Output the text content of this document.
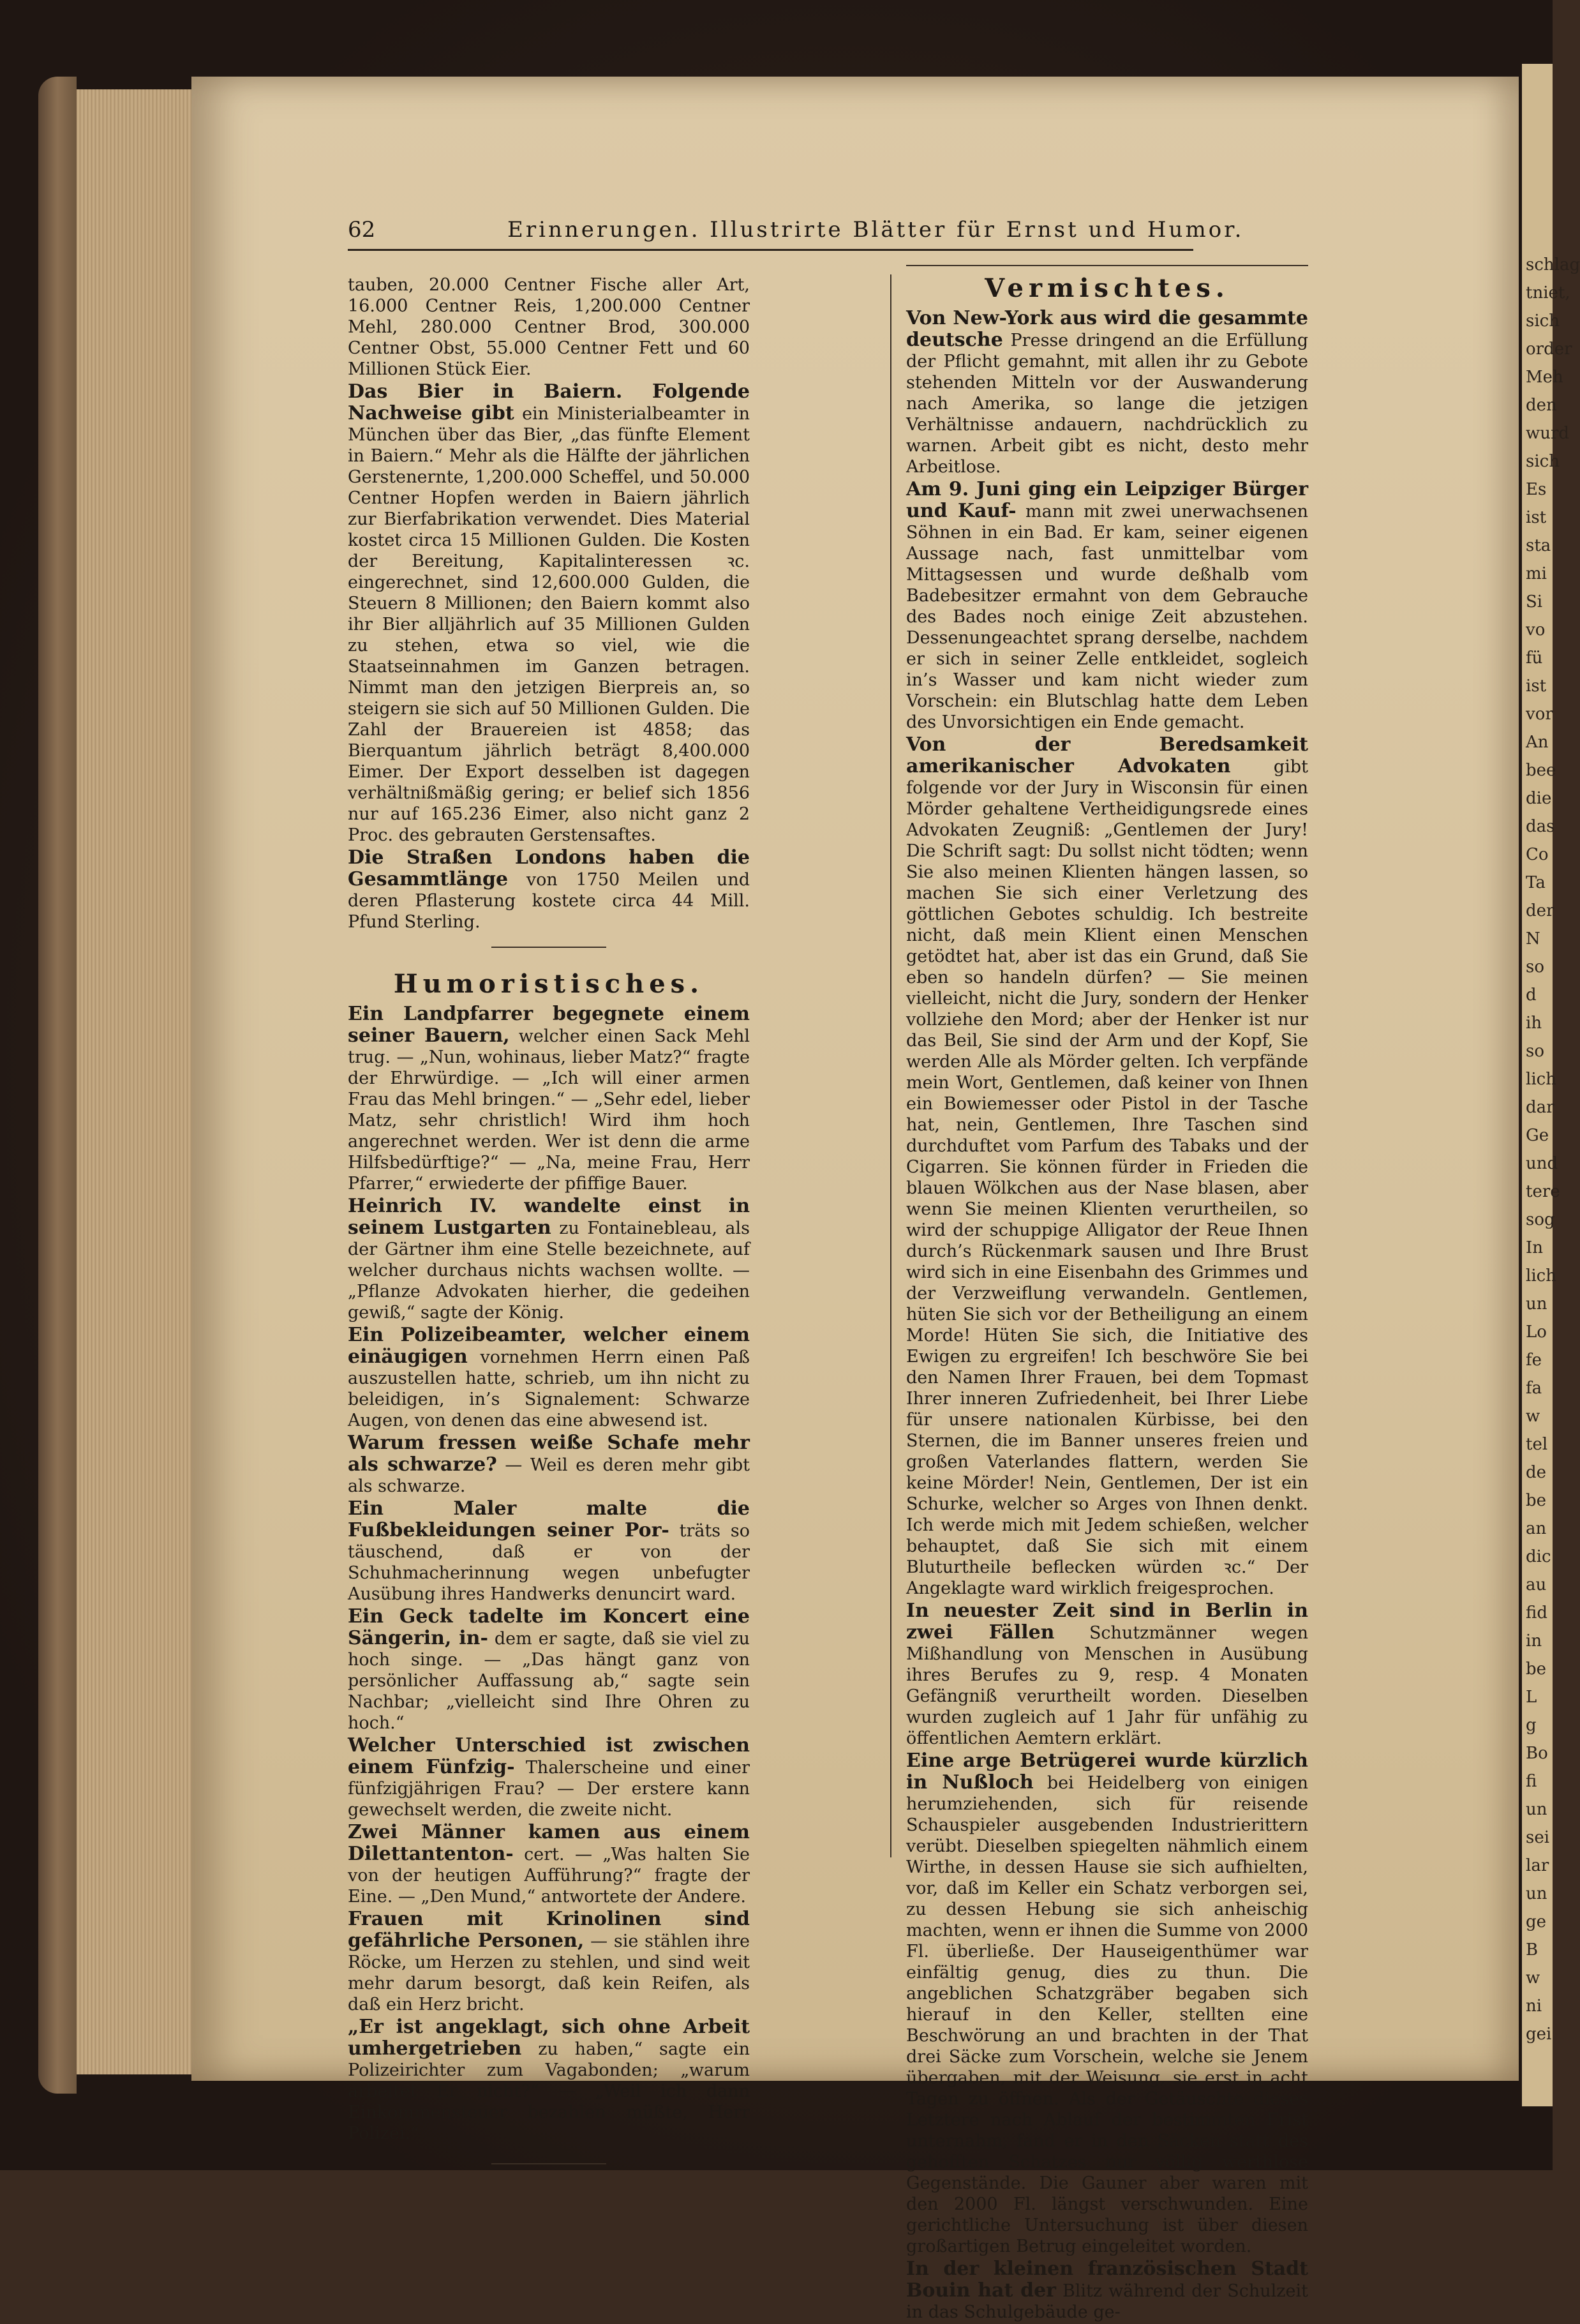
schlag
tniet,
sich
order
Meh
den
wurd
sich
Es
ist
sta
mi
Si
vo
fü
ist
vor
An
bee
die
das
Co
Ta
der
N
so
d
ih
so
lich
dar
Ge
und
tere
sog
In
lich
un
Lo
fe
fa
w
tel
de
be
an
dic
au
fid
in
be
L
g
Bo
fi
un
sei
lar
un
ge
B
w
ni
gei
62	Erinnerungen. Illustrirte Blätter für Ernst und Humor.

tauben, 20.000 Centner Fische aller Art, 16.000 Centner Reis, 1,200.000 Centner Mehl, 280.000 Centner Brod, 300.000 Centner Obst, 55.000 Centner Fett und 60 Millionen Stück Eier.

Das Bier in Baiern. Folgende Nachweise gibt ein Ministerialbeamter in München über das Bier, „das fünfte Element in Baiern.“ Mehr als die Hälfte der jährlichen Gerstenernte, 1,200.000 Scheffel, und 50.000 Centner Hopfen werden in Baiern jährlich zur Bierfabrikation verwendet. Dies Material kostet circa 15 Millionen Gulden. Die Kosten der Bereitung, Kapitalinteressen ꝛc. eingerechnet, sind 12,600.000 Gulden, die Steuern 8 Millionen; den Baiern kommt also ihr Bier alljährlich auf 35 Millionen Gulden zu stehen, etwa so viel, wie die Staatseinnahmen im Ganzen betragen. Nimmt man den jetzigen Bierpreis an, so steigern sie sich auf 50 Millionen Gulden. Die Zahl der Brauereien ist 4858; das Bierquantum jährlich beträgt 8,400.000 Eimer. Der Export desselben ist dagegen verhältnißmäßig gering; er belief sich 1856 nur auf 165.236 Eimer, also nicht ganz 2 Proc. des gebrauten Gerstensaftes.

Die Straßen Londons haben die Gesammtlänge von 1750 Meilen und deren Pflasterung kostete circa 44 Mill. Pfund Sterling.

Humoristisches.

Ein Landpfarrer begegnete einem seiner Bauern, welcher einen Sack Mehl trug. — „Nun, wohinaus, lieber Matz?“ fragte der Ehrwürdige. — „Ich will einer armen Frau das Mehl bringen.“ — „Sehr edel, lieber Matz, sehr christlich! Wird ihm hoch angerechnet werden. Wer ist denn die arme Hilfsbedürftige?“ — „Na, meine Frau, Herr Pfarrer,“ erwiederte der pfiffige Bauer.

Heinrich IV. wandelte einst in seinem Lustgarten zu Fontainebleau, als der Gärtner ihm eine Stelle bezeichnete, auf welcher durchaus nichts wachsen wollte. — „Pflanze Advokaten hierher, die gedeihen gewiß,“ sagte der König.

Ein Polizeibeamter, welcher einem einäugigen vornehmen Herrn einen Paß auszustellen hatte, schrieb, um ihn nicht zu beleidigen, in’s Signalement: Schwarze Augen, von denen das eine abwesend ist.

Warum fressen weiße Schafe mehr als schwarze? — Weil es deren mehr gibt als schwarze.

Ein Maler malte die Fußbekleidungen seiner Por- träts so täuschend, daß er von der Schuhmacherinnung wegen unbefugter Ausübung ihres Handwerks denuncirt ward.

Ein Geck tadelte im Koncert eine Sängerin, in- dem er sagte, daß sie viel zu hoch singe. — „Das hängt ganz von persönlicher Auffassung ab,“ sagte sein Nachbar; „vielleicht sind Ihre Ohren zu hoch.“

Welcher Unterschied ist zwischen einem Fünfzig- Thalerscheine und einer fünfzigjährigen Frau? — Der erstere kann gewechselt werden, die zweite nicht.

Zwei Männer kamen aus einem Dilettantenton- cert. — „Was halten Sie von der heutigen Aufführung?“ fragte der Eine. — „Den Mund,“ antwortete der Andere.

Frauen mit Krinolinen sind gefährliche Personen, — sie stählen ihre Röcke, um Herzen zu stehlen, und sind weit mehr darum besorgt, daß kein Reifen, als daß ein Herz bricht.

„Er ist angeklagt, sich ohne Arbeit umhergetrieben zu haben,“ sagte ein Polizeirichter zum Vagabonden; „warum arbeitet Er nicht?“ — „Weil ich dann Einkommensteuer bezahlen müßte, Herr Polizei.“

Vermischtes.

Von New-York aus wird die gesammte deutsche Presse dringend an die Erfüllung der Pflicht gemahnt, mit allen ihr zu Gebote stehenden Mitteln vor der Auswanderung nach Amerika, so lange die jetzigen Verhältnisse andauern, nachdrücklich zu warnen. Arbeit gibt es nicht, desto mehr Arbeitlose.

Am 9. Juni ging ein Leipziger Bürger und Kauf- mann mit zwei unerwachsenen Söhnen in ein Bad. Er kam, seiner eigenen Aussage nach, fast unmittelbar vom Mittagsessen und wurde deßhalb vom Badebesitzer ermahnt von dem Gebrauche des Bades noch einige Zeit abzustehen. Dessenungeachtet sprang derselbe, nachdem er sich in seiner Zelle entkleidet, sogleich in’s Wasser und kam nicht wieder zum Vorschein: ein Blutschlag hatte dem Leben des Unvorsichtigen ein Ende gemacht.

Von der Beredsamkeit amerikanischer Advokaten gibt folgende vor der Jury in Wisconsin für einen Mörder gehaltene Vertheidigungsrede eines Advokaten Zeugniß: „Gentlemen der Jury! Die Schrift sagt: Du sollst nicht tödten; wenn Sie also meinen Klienten hängen lassen, so machen Sie sich einer Verletzung des göttlichen Gebotes schuldig. Ich bestreite nicht, daß mein Klient einen Menschen getödtet hat, aber ist das ein Grund, daß Sie eben so handeln dürfen? — Sie meinen vielleicht, nicht die Jury, sondern der Henker vollziehe den Mord; aber der Henker ist nur das Beil, Sie sind der Arm und der Kopf, Sie werden Alle als Mörder gelten. Ich verpfände mein Wort, Gentlemen, daß keiner von Ihnen ein Bowiemesser oder Pistol in der Tasche hat, nein, Gentlemen, Ihre Taschen sind durchduftet vom Parfum des Tabaks und der Cigarren. Sie können fürder in Frieden die blauen Wölkchen aus der Nase blasen, aber wenn Sie meinen Klienten verurtheilen, so wird der schuppige Alligator der Reue Ihnen durch’s Rückenmark sausen und Ihre Brust wird sich in eine Eisenbahn des Grimmes und der Verzweiflung verwandeln. Gentlemen, hüten Sie sich vor der Betheiligung an einem Morde! Hüten Sie sich, die Initiative des Ewigen zu ergreifen! Ich beschwöre Sie bei den Namen Ihrer Frauen, bei dem Topmast Ihrer inneren Zufriedenheit, bei Ihrer Liebe für unsere nationalen Kürbisse, bei den Sternen, die im Banner unseres freien und großen Vaterlandes flattern, werden Sie keine Mörder! Nein, Gentlemen, Der ist ein Schurke, welcher so Arges von Ihnen denkt. Ich werde mich mit Jedem schießen, welcher behauptet, daß Sie sich mit einem Bluturtheile beflecken würden ꝛc.“ Der Angeklagte ward wirklich freigesprochen.

In neuester Zeit sind in Berlin in zwei Fällen Schutzmänner wegen Mißhandlung von Menschen in Ausübung ihres Berufes zu 9, resp. 4 Monaten Gefängniß verurtheilt worden. Dieselben wurden zugleich auf 1 Jahr für unfähig zu öffentlichen Aemtern erklärt.

Eine arge Betrügerei wurde kürzlich in Nußloch bei Heidelberg von einigen herumziehenden, sich für reisende Schauspieler ausgebenden Industrierittern verübt. Dieselben spiegelten nähmlich einem Wirthe, in dessen Hause sie sich aufhielten, vor, daß im Keller ein Schatz verborgen sei, zu dessen Hebung sie sich anheischig machten, wenn er ihnen die Summe von 2000 Fl. überließe. Der Hauseigenthümer war einfältig genug, dies zu thun. Die angeblichen Schatzgräber begaben sich hierauf in den Keller, stellten eine Beschwörung an und brachten in der That drei Säcke zum Vorschein, welche sie Jenem übergaben, mit der Weisung, sie erst in acht Tagen zu öffnen. Als der Getäuschte dieses Letztere nach Ablauf der bestimmten Frist unternahm, fand er in den Säcken statt des gehofften Schatzes nur völlig werthlose Gegenstände. Die Gauner aber waren mit den 2000 Fl. längst verschwunden. Eine gerichtliche Untersuchung ist über diesen großartigen Betrug eingeleitet worden.

In der kleinen französischen Stadt Bouin hat der Blitz während der Schulzeit in das Schulgebäude ge-
